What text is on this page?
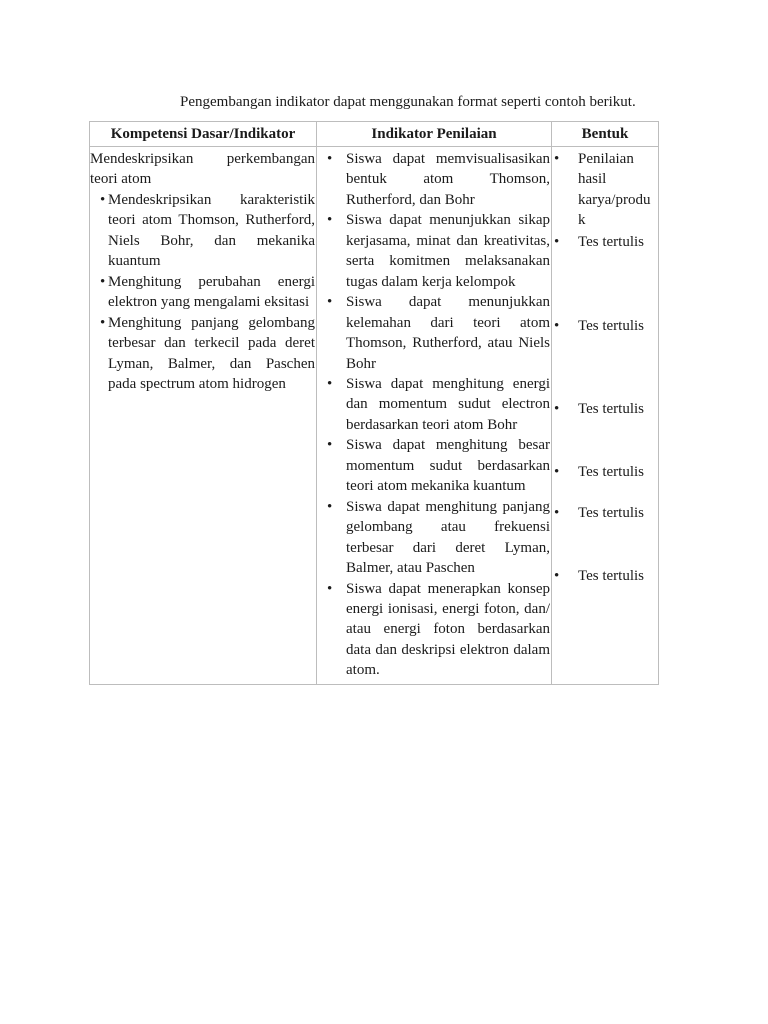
Pengembangan indikator dapat menggunakan format seperti contoh berikut.
Kompetensi Dasar/Indikator	Indikator Penilaian	Bentuk
Mendeskripsikan perkembangan
teori atom
•
Mendeskripsikan karakteristik
teori atom Thomson, Rutherford,
Niels Bohr, dan mekanika
kuantum
•
Menghitung perubahan energi
elektron yang mengalami eksitasi
•
Menghitung panjang gelombang
terbesar dan terkecil pada deret
Lyman, Balmer, dan Paschen
pada spectrum atom hidrogen
•
Siswa dapat memvisualisasikan
bentuk atom Thomson,
Rutherford, dan Bohr
•
Siswa dapat menunjukkan sikap
kerjasama, minat dan kreativitas,
serta komitmen melaksanakan
tugas dalam kerja kelompok
•
Siswa dapat menunjukkan
kelemahan dari teori atom
Thomson, Rutherford, atau Niels
Bohr
•
Siswa dapat menghitung energi
dan momentum sudut electron
berdasarkan teori atom Bohr
•
Siswa dapat menghitung besar
momentum sudut berdasarkan
teori atom mekanika kuantum
•
Siswa dapat menghitung panjang
gelombang atau frekuensi
terbesar dari deret Lyman,
Balmer, atau Paschen
•
Siswa dapat menerapkan konsep
energi ionisasi, energi foton, dan/
atau energi foton berdasarkan
data dan deskripsi elektron dalam
atom.
•
Penilaian
hasil
karya/produ
k
•
Tes tertulis
•
Tes tertulis
•
Tes tertulis
•
Tes tertulis
•
Tes tertulis
•
Tes tertulis
